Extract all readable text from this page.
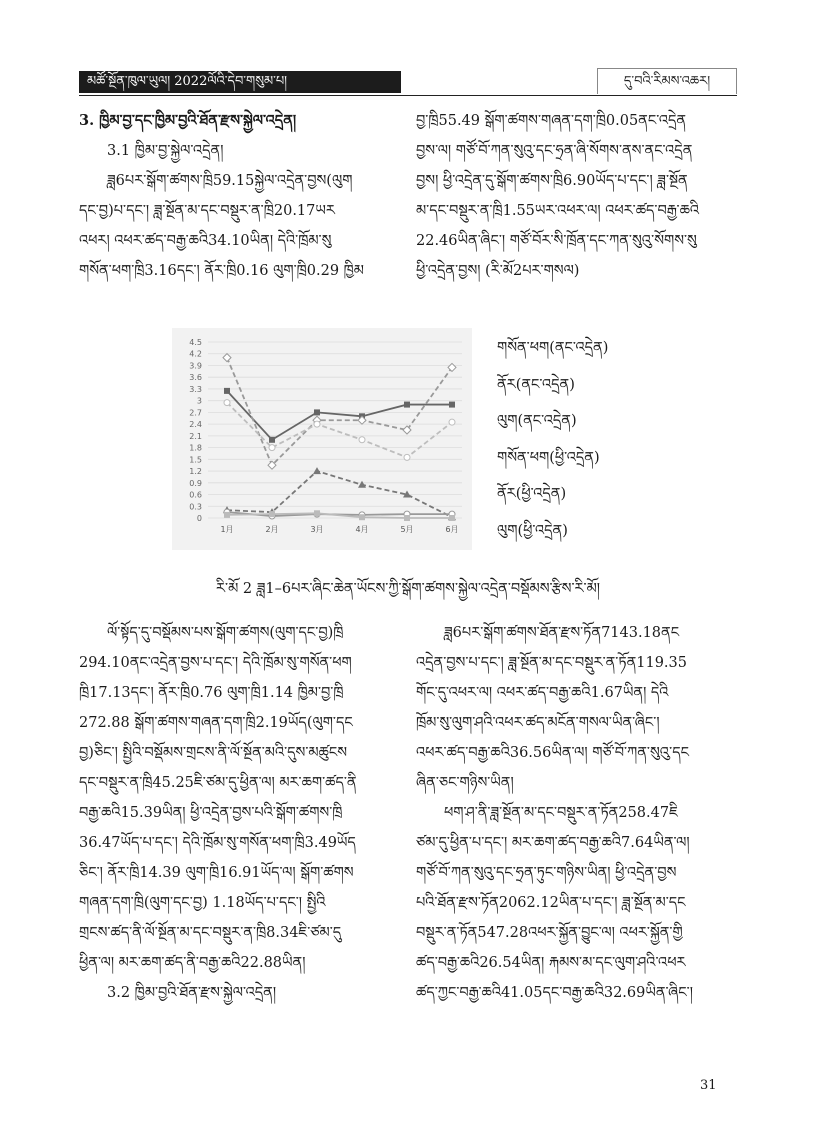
མཚོ་སྔོན་ཁུལ་ཡུལ། 2022ལོའི་དེབ་གསུམ་པ།	དུ་བའི་རིམས་འཆར།
3. ཁྱིམ་བྱ་དང་ཁྱིམ་བྱའི་ཐོན་རྫས་སྐྱེལ་འདྲེན།
3.1 ཁྱིམ་བྱ་སྐྱེལ་འདྲེན།
ཟླ6པར་སྒོག་ཚགས་ཁྲི59.15སྐྱེལ་འདྲེན་བྱས(ལུག
དང་བྱ)པ་དང་། ཟླ་སྔོན་མ་དང་བསྡུར་ན་ཁྲི20.17ཡར
འཕར། འཕར་ཚད་བརྒྱ་ཆའི34.10ཡིན། དེའི་ཁྲོམ་སུ
གསོན་ཕག་ཁྲི3.16དང་། ནོར་ཁྲི0.16 ལུག་ཁྲི0.29 ཁྱིམ
བྱ་ཁྲི55.49 སྒོག་ཚགས་གཞན་དག་ཁྲི0.05ནང་འདྲེན
བྱས་ལ། གཙོ་བོ་ཀན་སུའུ་དང་ཧྲན་ཞི་སོགས་ནས་ནང་འདྲེན
བྱས། ཕྱི་འདྲེན་དུ་སྒོག་ཚགས་ཁྲི6.90ཡོད་པ་དང་། ཟླ་སྔོན
མ་དང་བསྡུར་ན་ཁྲི1.55ཡར་འཕར་ལ། འཕར་ཚད་བརྒྱ་ཆའི
22.46ཡིན་ཞིང་། གཙོ་བོར་སི་ཁྲོན་དང་ཀན་སུའུ་སོགས་སུ
ཕྱི་འདྲེན་བྱས། (རི་མོ2པར་གསལ)
0
0.3
0.6
0.9
1.2
1.5
1.8
2.1
2.4
2.7
3
3.3
3.6
3.9
4.2
4.5
1月	2月	3月	4月	5月	6月
གསོན་ཕག(ནང་འདྲེན)
ནོར(ནང་འདྲེན)
ལུག(ནང་འདྲེན)
གསོན་ཕག(ཕྱི་འདྲེན)
ནོར(ཕྱི་འདྲེན)
ལུག(ཕྱི་འདྲེན)
རི་མོ 2 ཟླ1–6པར་ཞིང་ཆེན་ཡོངས་ཀྱི་སྒོག་ཚགས་སྐྱེལ་འདྲེན་བསྡོམས་རྩིས་རི་མོ།
ལོ་སྟོད་དུ་བསྡོམས་པས་སྒོག་ཚགས(ལུག་དང་བྱ)ཁྲི
294.10ནང་འདྲེན་བྱས་པ་དང་། དེའི་ཁྲོམ་སུ་གསོན་ཕག
ཁྲི17.13དང་། ནོར་ཁྲི0.76 ལུག་ཁྲི1.14 ཁྱིམ་བྱ་ཁྲི
272.88 སྒོག་ཚགས་གཞན་དག་ཁྲི2.19ཡོད(ལུག་དང
བྱ)ཅིང་། སྤྱིའི་བསྡོམས་གྲངས་ནི་ལོ་སྔོན་མའི་དུས་མཚུངས
དང་བསྡུར་ན་ཁྲི45.25ཇི་ཙམ་དུ་ཕྱིན་ལ། མར་ཆག་ཚད་ནི
བརྒྱ་ཆའི15.39ཡིན། ཕྱི་འདྲེན་བྱས་པའི་སྒོག་ཚགས་ཁྲི
36.47ཡོད་པ་དང་། དེའི་ཁྲོམ་སུ་གསོན་ཕག་ཁྲི3.49ཡོད
ཅིང་། ནོར་ཁྲི14.39 ལུག་ཁྲི16.91ཡོད་ལ། སྒོག་ཚགས
གཞན་དག་ཁྲི(ལུག་དང་བྱ) 1.18ཡོད་པ་དང་། སྤྱིའི
གྲངས་ཚད་ནི་ལོ་སྔོན་མ་དང་བསྡུར་ན་ཁྲི8.34ཇི་ཙམ་དུ
ཕྱིན་ལ། མར་ཆག་ཚད་ནི་བརྒྱ་ཆའི22.88ཡིན།
3.2 ཁྱིམ་བྱའི་ཐོན་རྫས་སྐྱེལ་འདྲེན།
ཟླ6པར་སྒོག་ཚགས་ཐོན་རྫས་ཏོན7143.18ནང
འདྲེན་བྱས་པ་དང་། ཟླ་སྔོན་མ་དང་བསྡུར་ན་ཏོན119.35
གོང་དུ་འཕར་ལ། འཕར་ཚད་བརྒྱ་ཆའི1.67ཡིན། དེའི
ཁྲོམ་སུ་ལུག་ཤའི་འཕར་ཚད་མངོན་གསལ་ཡིན་ཞིང་།
འཕར་ཚད་བརྒྱ་ཆའི36.56ཡིན་ལ། གཙོ་བོ་ཀན་སུའུ་དང
ཞིན་ཅང་གཉིས་ཡིན།
ཕག་ཤ་ནི་ཟླ་སྔོན་མ་དང་བསྡུར་ན་ཏོན258.47ཇི
ཙམ་དུ་ཕྱིན་པ་དང་། མར་ཆག་ཚད་བརྒྱ་ཆའི7.64ཡིན་ལ།
གཙོ་བོ་ཀན་སུའུ་དང་ཧྲན་ཏུང་གཉིས་ཡིན། ཕྱི་འདྲེན་བྱས
པའི་ཐོན་རྫས་ཏོན2062.12ཡིན་པ་དང་། ཟླ་སྔོན་མ་དང
བསྡུར་ན་ཏོན547.28འཕར་སྐྱོན་བྱུང་ལ། འཕར་སྐྱོན་གྱི
ཚད་བརྒྱ་ཆའི26.54ཡིན། རྐམས་མ་དང་ལུག་ཤའི་འཕར
ཚད་ཀྱང་བརྒྱ་ཆའི41.05དང་བརྒྱ་ཆའི32.69ཡིན་ཞིང་།
31
